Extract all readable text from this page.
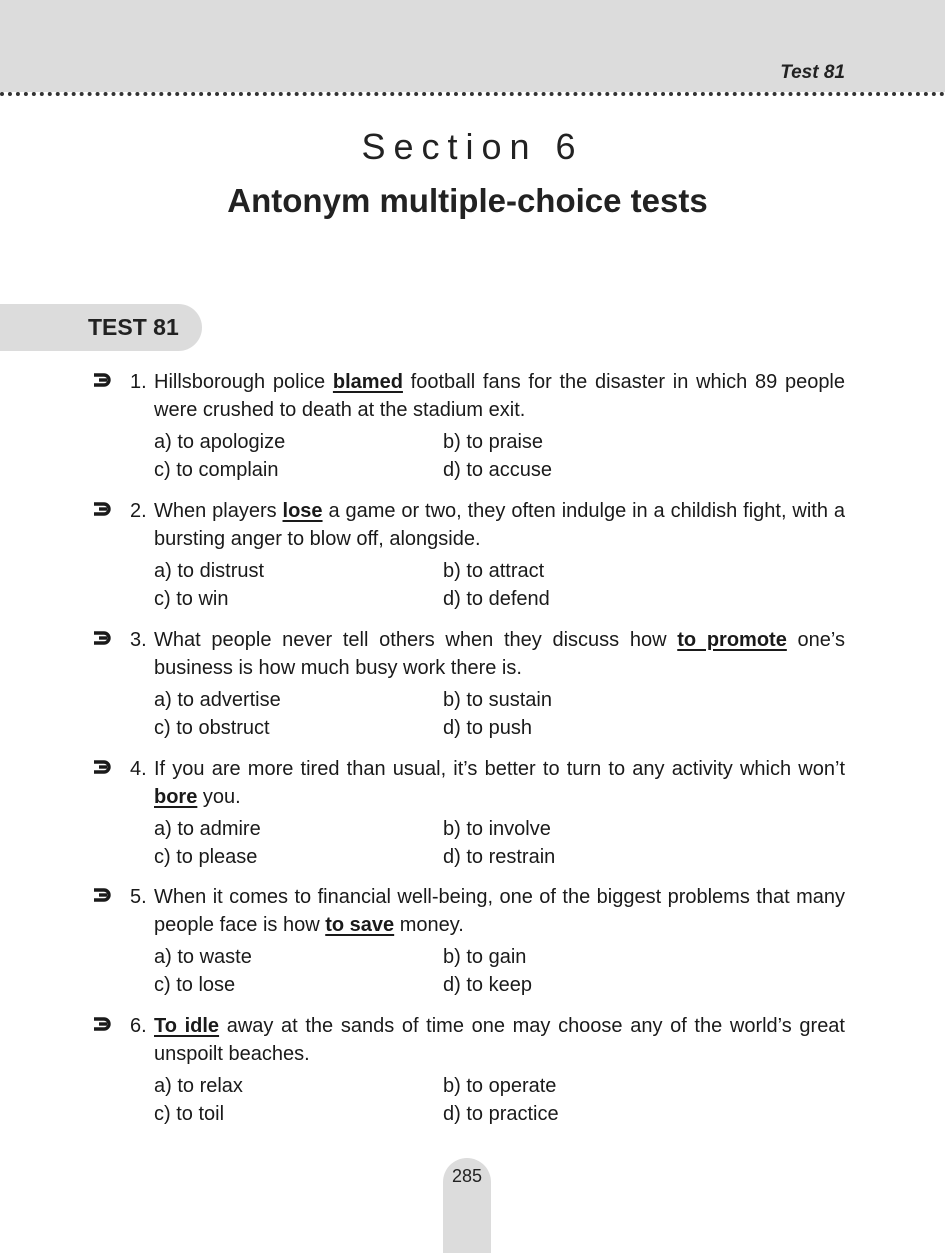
Test 81
Section 6
Antonym multiple-choice tests
TEST 81
1. Hillsborough police blamed football fans for the disaster in which 89 people were crushed to death at the stadium exit.
a) to apologize	b) to praise
c) to complain	d) to accuse
2. When players lose a game or two, they often indulge in a childish fight, with a bursting anger to blow off, alongside.
a) to distrust	b) to attract
c) to win	d) to defend
3. What people never tell others when they discuss how to promote one’s business is how much busy work there is.
a) to advertise	b) to sustain
c) to obstruct	d) to push
4. If you are more tired than usual, it’s better to turn to any activity which won’t bore you.
a) to admire	b) to involve
c) to please	d) to restrain
5. When it comes to financial well-being, one of the biggest problems that many people face is how to save money.
a) to waste	b) to gain
c) to lose	d) to keep
6. To idle away at the sands of time one may choose any of the world’s great unspoilt beaches.
a) to relax	b) to operate
c) to toil	d) to practice
285
